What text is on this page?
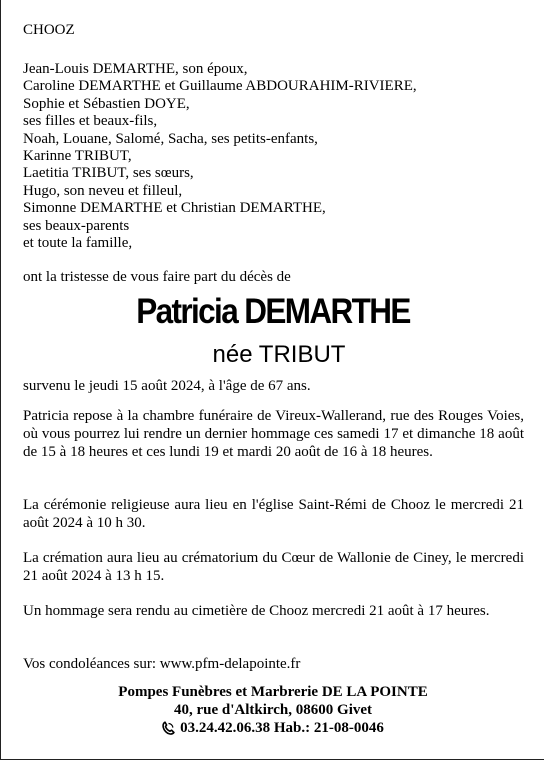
CHOOZ
Jean-Louis DEMARTHE, son époux,
Caroline DEMARTHE et Guillaume ABDOURAHIM-RIVIERE,
Sophie et Sébastien DOYE,
ses filles et beaux-fils,
Noah, Louane, Salomé, Sacha, ses petits-enfants,
Karinne TRIBUT,
Laetitia TRIBUT, ses sœurs,
Hugo, son neveu et filleul,
Simonne DEMARTHE et Christian DEMARTHE,
ses beaux-parents
et toute la famille,
ont la tristesse de vous faire part du décès de
Patricia DEMARTHE
née TRIBUT

survenu le jeudi 15 août 2024, à l'âge de 67 ans.

Patricia repose à la chambre funéraire de Vireux-Wallerand, rue des Rouges Voies, où vous pourrez lui rendre un dernier hommage ces samedi 17 et dimanche 18 août de 15 à 18 heures et ces lundi 19 et mardi 20 août de 16 à 18 heures.

La cérémonie religieuse aura lieu en l'église Saint-Rémi de Chooz le mercredi 21 août 2024 à 10 h 30.

La crémation aura lieu au crématorium du Cœur de Wallonie de Ciney, le mercredi 21 août 2024 à 13 h 15.

Un hommage sera rendu au cimetière de Chooz mercredi 21 août à 17 heures.

Vos condoléances sur: www.pfm-delapointe.fr

Pompes Funèbres et Marbrerie DE LA POINTE
40, rue d'Altkirch, 08600 Givet
03.24.42.06.38 Hab.: 21-08-0046
